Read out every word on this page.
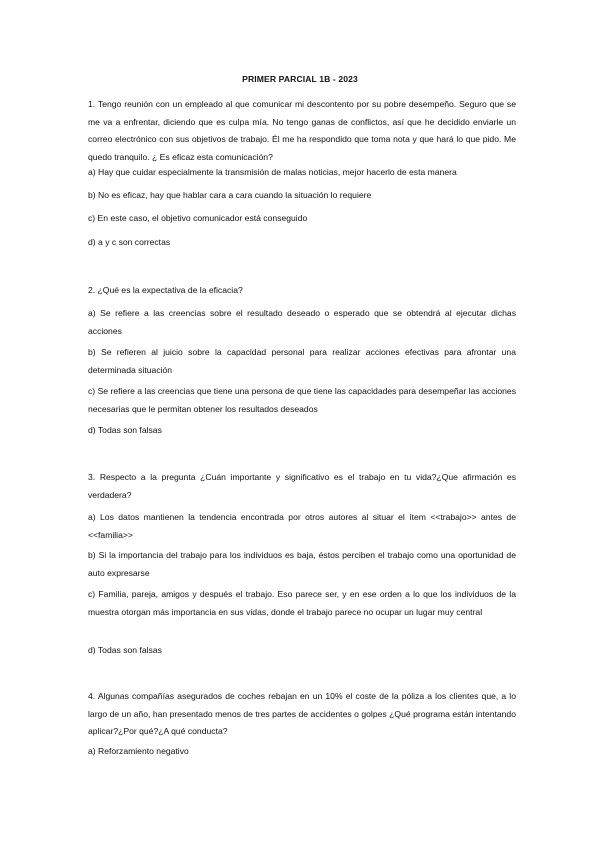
PRIMER PARCIAL 1B - 2023

1. Tengo reunión con un empleado al que comunicar mi descontento por su pobre desempeño. Seguro que se me va a enfrentar, diciendo que es culpa mía. No tengo ganas de conflictos, así que he decidido enviarle un correo electrónico con sus objetivos de trabajo. Él me ha respondido que toma nota y que hará lo que pido. Me quedo tranquilo. ¿ Es eficaz esta comunicación?

a) Hay que cuidar especialmente la transmisión de malas noticias, mejor hacerlo de esta manera

b) No es eficaz, hay que hablar cara a cara cuando la situación lo requiere

c) En este caso, el objetivo comunicador está conseguido

d) a y c son correctas

2. ¿Qué es la expectativa de la eficacia?

a) Se refiere a las creencias sobre el resultado deseado o esperado que se obtendrá al ejecutar dichas acciones

b) Se refieren al juicio sobre la capacidad personal para realizar acciones efectivas para afrontar una determinada situación

c) Se refiere a las creencias que tiene una persona de que tiene las capacidades para desempeñar las acciones necesarias que le permitan obtener los resultados deseados

d) Todas son falsas

3. Respecto a la pregunta ¿Cuán importante y significativo es el trabajo en tu vida?¿Que afirmación es verdadera?

a) Los datos mantienen la tendencia encontrada por otros autores al situar el ítem <<trabajo>> antes de <<familia>>

b) Si la importancia del trabajo para los individuos es baja, éstos perciben el trabajo como una oportunidad de auto expresarse

c) Familia, pareja, amigos y después el trabajo. Eso parece ser, y en ese orden a lo que los individuos de la muestra otorgan más importancia en sus vidas, donde el trabajo parece no ocupar un lugar muy central

d) Todas son falsas

4. Algunas compañías asegurados de coches rebajan en un 10% el coste de la póliza a los clientes que, a lo largo de un año, han presentado menos de tres partes de accidentes o golpes ¿Qué programa están intentando aplicar?¿Por qué?¿A qué conducta?

a) Reforzamiento negativo
